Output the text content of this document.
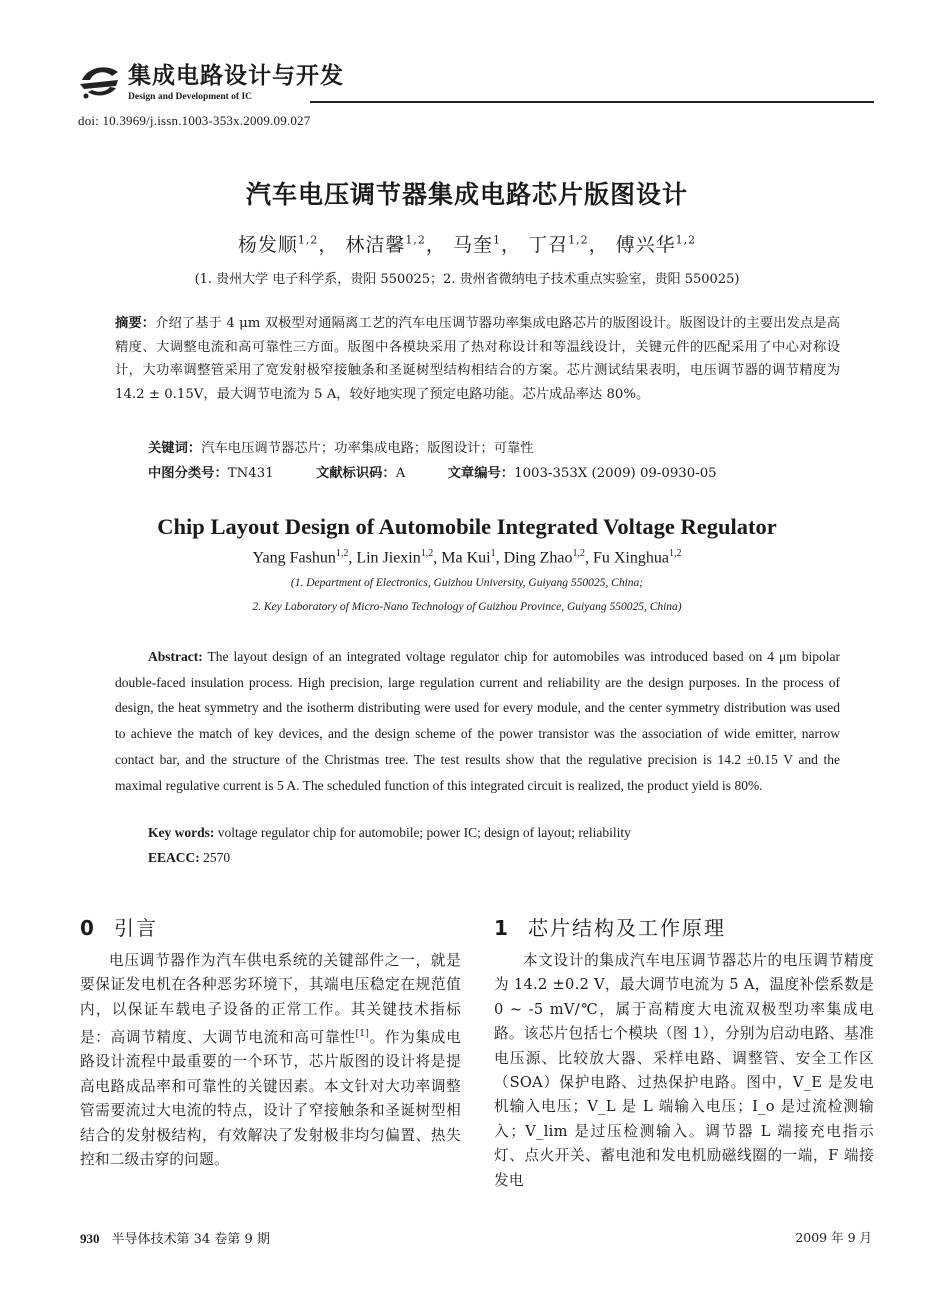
集成电路设计与开发
Design and Development of IC
doi: 10.3969/j.issn.1003-353x.2009.09.027
汽车电压调节器集成电路芯片版图设计
杨发顺$^{1,2}$， 林洁馨$^{1,2}$， 马奎$^1$， 丁召$^{1,2}$， 傅兴华$^{1,2}$
(1. 贵州大学 电子科学系，贵阳 550025；2. 贵州省微纳电子技术重点实验室，贵阳 550025)
摘要：介绍了基于 4 μm 双极型对通隔离工艺的汽车电压调节器功率集成电路芯片的版图设计。版图设计的主要出发点是高精度、大调整电流和高可靠性三方面。版图中各模块采用了热对称设计和等温线设计，关键元件的匹配采用了中心对称设计，大功率调整管采用了宽发射极窄接触条和圣诞树型结构相结合的方案。芯片测试结果表明，电压调节器的调节精度为 14.2 ± 0.15V，最大调节电流为 5 A，较好地实现了预定电路功能。芯片成品率达 80%。
关键词：汽车电压调节器芯片；功率集成电路；版图设计；可靠性
中图分类号：TN431	文献标识码：A	文章编号：1003-353X (2009) 09-0930-05
Chip Layout Design of Automobile Integrated Voltage Regulator
Yang Fashun$^{1,2}$, Lin Jiexin$^{1,2}$, Ma Kui$^1$, Ding Zhao$^{1,2}$, Fu Xinghua$^{1,2}$
(1. Department of Electronics, Guizhou University, Guiyang 550025, China;
2. Key Laboratory of Micro-Nano Technology of Guizhou Province, Guiyang 550025, China)
Abstract: The layout design of an integrated voltage regulator chip for automobiles was introduced based on 4 μm bipolar double-faced insulation process. High precision, large regulation current and reliability are the design purposes. In the process of design, the heat symmetry and the isotherm distributing were used for every module, and the center symmetry distribution was used to achieve the match of key devices, and the design scheme of the power transistor was the association of wide emitter, narrow contact bar, and the structure of the Christmas tree. The test results show that the regulative precision is 14.2 ±0.15 V and the maximal regulative current is 5 A. The scheduled function of this integrated circuit is realized, the product yield is 80%.
Key words: voltage regulator chip for automobile; power IC; design of layout; reliability
EEACC: 2570
0 引言
电压调节器作为汽车供电系统的关键部件之一，就是要保证发电机在各种恶劣环境下，其端电压稳定在规范值内，以保证车载电子设备的正常工作。其关键技术指标是：高调节精度、大调节电流和高可靠性[1]。作为集成电路设计流程中最重要的一个环节，芯片版图的设计将是提高电路成品率和可靠性的关键因素。本文针对大功率调整管需要流过大电流的特点，设计了窄接触条和圣诞树型相结合的发射极结构，有效解决了发射极非均匀偏置、热失控和二级击穿的问题。
1 芯片结构及工作原理
本文设计的集成汽车电压调节器芯片的电压调节精度为 14.2 ±0.2 V，最大调节电流为 5 A，温度补偿系数是 0 ~ -5 mV/℃，属于高精度大电流双极型功率集成电路。该芯片包括七个模块（图 1），分别为启动电路、基准电压源、比较放大器、采样电路、调整管、安全工作区（SOA）保护电路、过热保护电路。图中，V_E 是发电机输入电压；V_L 是 L 端输入电压；I_o 是过流检测输入；V_lim 是过压检测输入。调节器 L 端接充电指示灯、点火开关、蓄电池和发电机励磁线圈的一端，F 端接发电
930 半导体技术第 34 卷第 9 期	2009 年 9 月
